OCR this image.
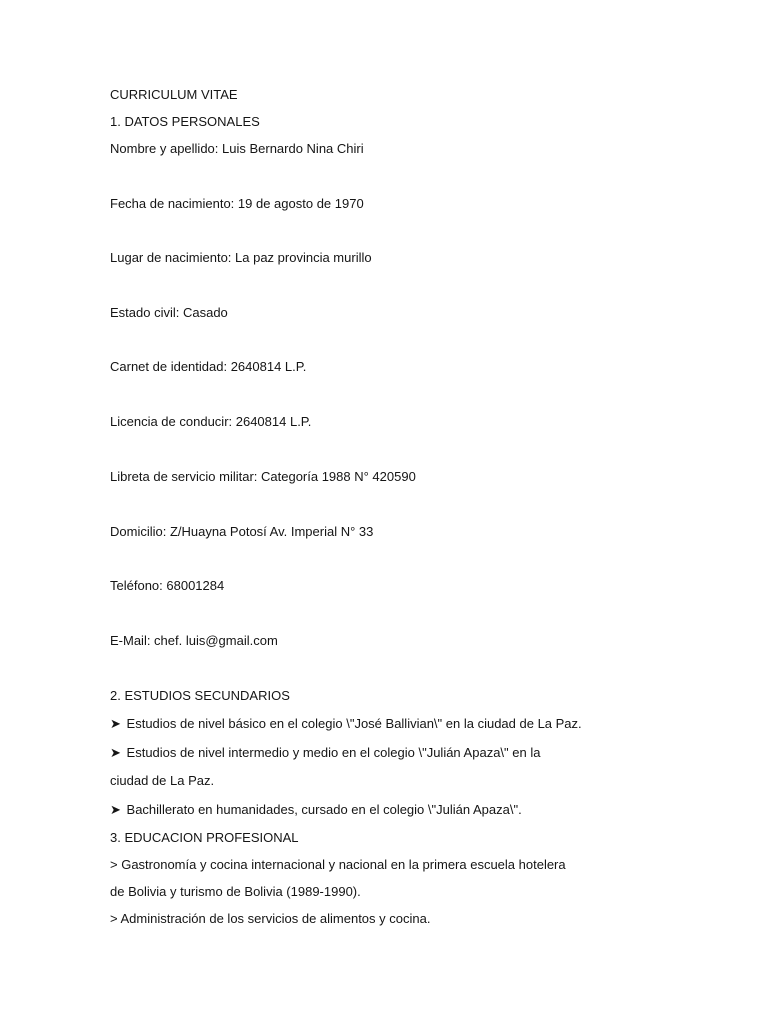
CURRICULUM VITAE
1. DATOS PERSONALES
Nombre y apellido: Luis Bernardo Nina Chiri
Fecha de nacimiento: 19 de agosto de 1970
Lugar de nacimiento: La paz provincia murillo
Estado civil: Casado
Carnet de identidad: 2640814 L.P.
Licencia de conducir: 2640814 L.P.
Libreta de servicio militar: Categoría 1988 N° 420590
Domicilio: Z/Huayna Potosí Av. Imperial N° 33
Teléfono: 68001284
E-Mail: chef. luis@gmail.com
2. ESTUDIOS SECUNDARIOS
➤ Estudios de nivel básico en el colegio \"José Ballivian\" en la ciudad de La Paz.
➤ Estudios de nivel intermedio y medio en el colegio \"Julián Apaza\" en la
ciudad de La Paz.
➤ Bachillerato en humanidades, cursado en el colegio \"Julián Apaza\".
3. EDUCACION PROFESIONAL
> Gastronomía y cocina internacional y nacional en la primera escuela hotelera
de Bolivia y turismo de Bolivia (1989-1990).
> Administración de los servicios de alimentos y cocina.
